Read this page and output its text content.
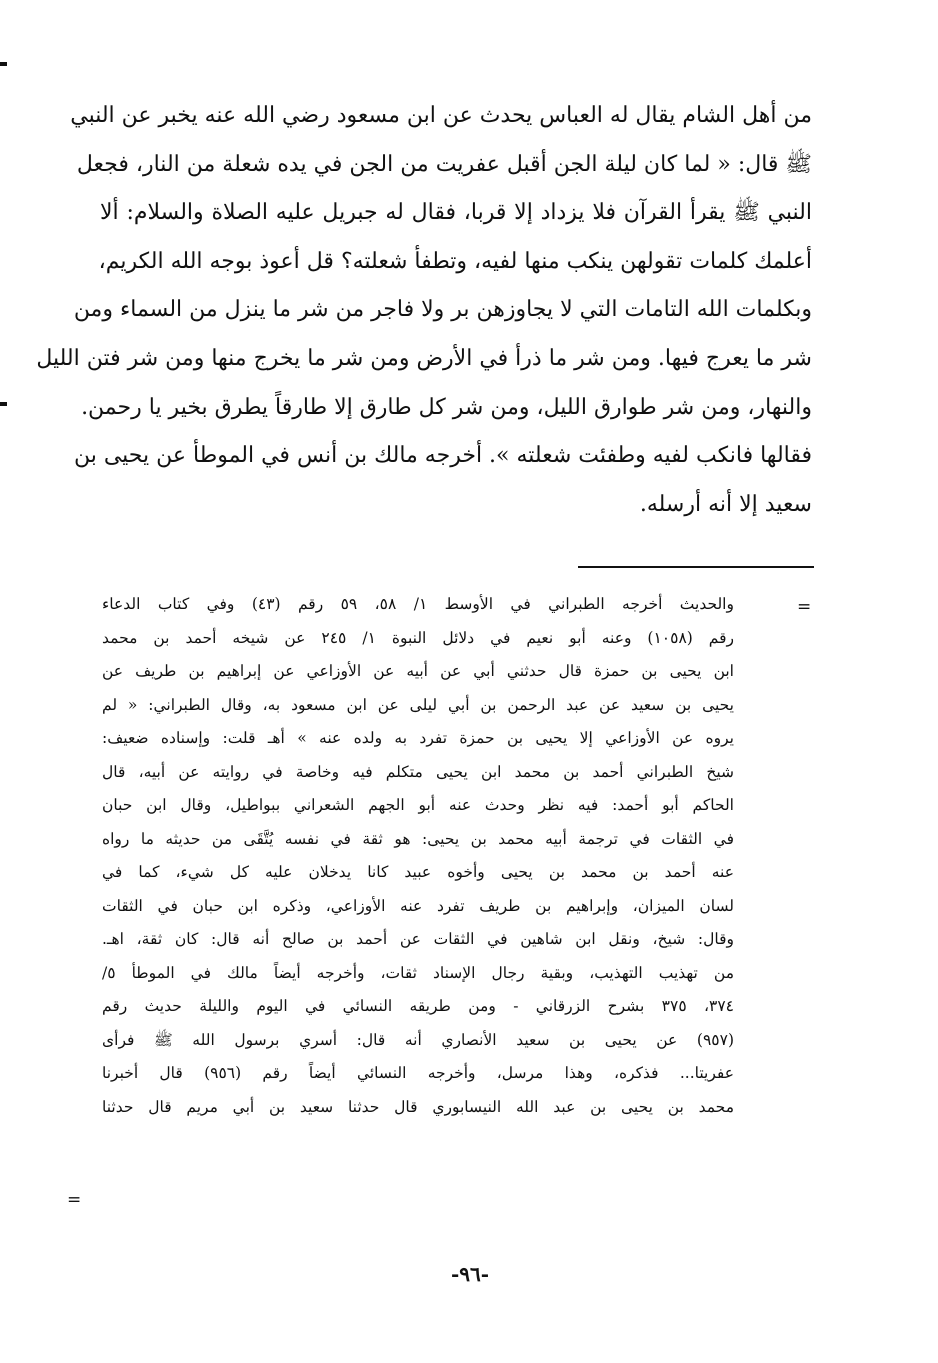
من أهل الشام يقال له العباس يحدث عن ابن مسعود رضي الله عنه يخبر عن النبي
ﷺ قال: « لما كان ليلة الجن أقبل عفريت من الجن في يده شعلة من النار، فجعل
النبي ﷺ يقرأ القرآن فلا يزداد إلا قربا، فقال له جبريل عليه الصلاة والسلام: ألا
أعلمك كلمات تقولهن ينكب منها لفيه، وتطفأ شعلته؟ قل أعوذ بوجه الله الكريم،
وبكلمات الله التامات التي لا يجاوزهن بر ولا فاجر من شر ما ينزل من السماء ومن
شر ما يعرج فيها. ومن شر ما ذرأ في الأرض ومن شر ما يخرج منها ومن شر فتن الليل
والنهار، ومن شر طوارق الليل، ومن شر كل طارق إلا طارقاً يطرق بخير يا رحمن.
فقالها فانكب لفيه وطفئت شعلته ». أخرجه مالك بن أنس في الموطأ عن يحيى بن
سعيد إلا أنه أرسله.
=
والحديث أخرجه الطبراني في الأوسط ١/ ٥٨، ٥٩ رقم (٤٣) وفي كتاب الدعاء
رقم (١٠٥٨) وعنه أبو نعيم في دلائل النبوة ١/ ٢٤٥ عن شيخه أحمد بن محمد
ابن يحيى بن حمزة قال حدثني أبي عن أبيه عن الأوزاعي عن إبراهيم بن طريف عن
يحيى بن سعيد عن عبد الرحمن بن أبي ليلى عن ابن مسعود به، وقال الطبراني: « لم
يروه عن الأوزاعي إلا يحيى بن حمزة تفرد به ولده عنه » أهـ قلت: وإسناده ضعيف:
شيخ الطبراني أحمد بن محمد ابن يحيى متكلم فيه وخاصة في روايته عن أبيه، قال
الحاكم أبو أحمد: فيه نظر وحدث عنه أبو الجهم الشعراني ببواطيل، وقال ابن حبان
في الثقات في ترجمة أبيه محمد بن يحيى: هو ثقة في نفسه يُتَّقَى من حديثه ما رواه
عنه أحمد بن محمد بن يحيى وأخوه عبيد كانا يدخلان عليه كل شيء، كما في
لسان الميزان، وإبراهيم بن طريف تفرد عنه الأوزاعي، وذكره ابن حبان في الثقات
وقال: شيخ، ونقل ابن شاهين في الثقات عن أحمد بن صالح أنه قال: كان ثقة، اهـ.
من تهذيب التهذيب، وبقية رجال الإسناد ثقات، وأخرجه أيضاً مالك في الموطأ ٥/
٣٧٤، ٣٧٥ بشرح الزرقاني - ومن طريقه النسائي في اليوم والليلة حديث رقم
(٩٥٧) عن يحيى بن سعيد الأنصاري أنه قال: أسري برسول الله ﷺ فرأى
عفريتا... فذكره، وهذا مرسل، وأخرجه النسائي أيضاً رقم (٩٥٦) قال أخبرنا
محمد بن يحيى بن عبد الله النيسابوري قال حدثنا سعيد بن أبي مريم قال حدثنا
=
-٩٦-
